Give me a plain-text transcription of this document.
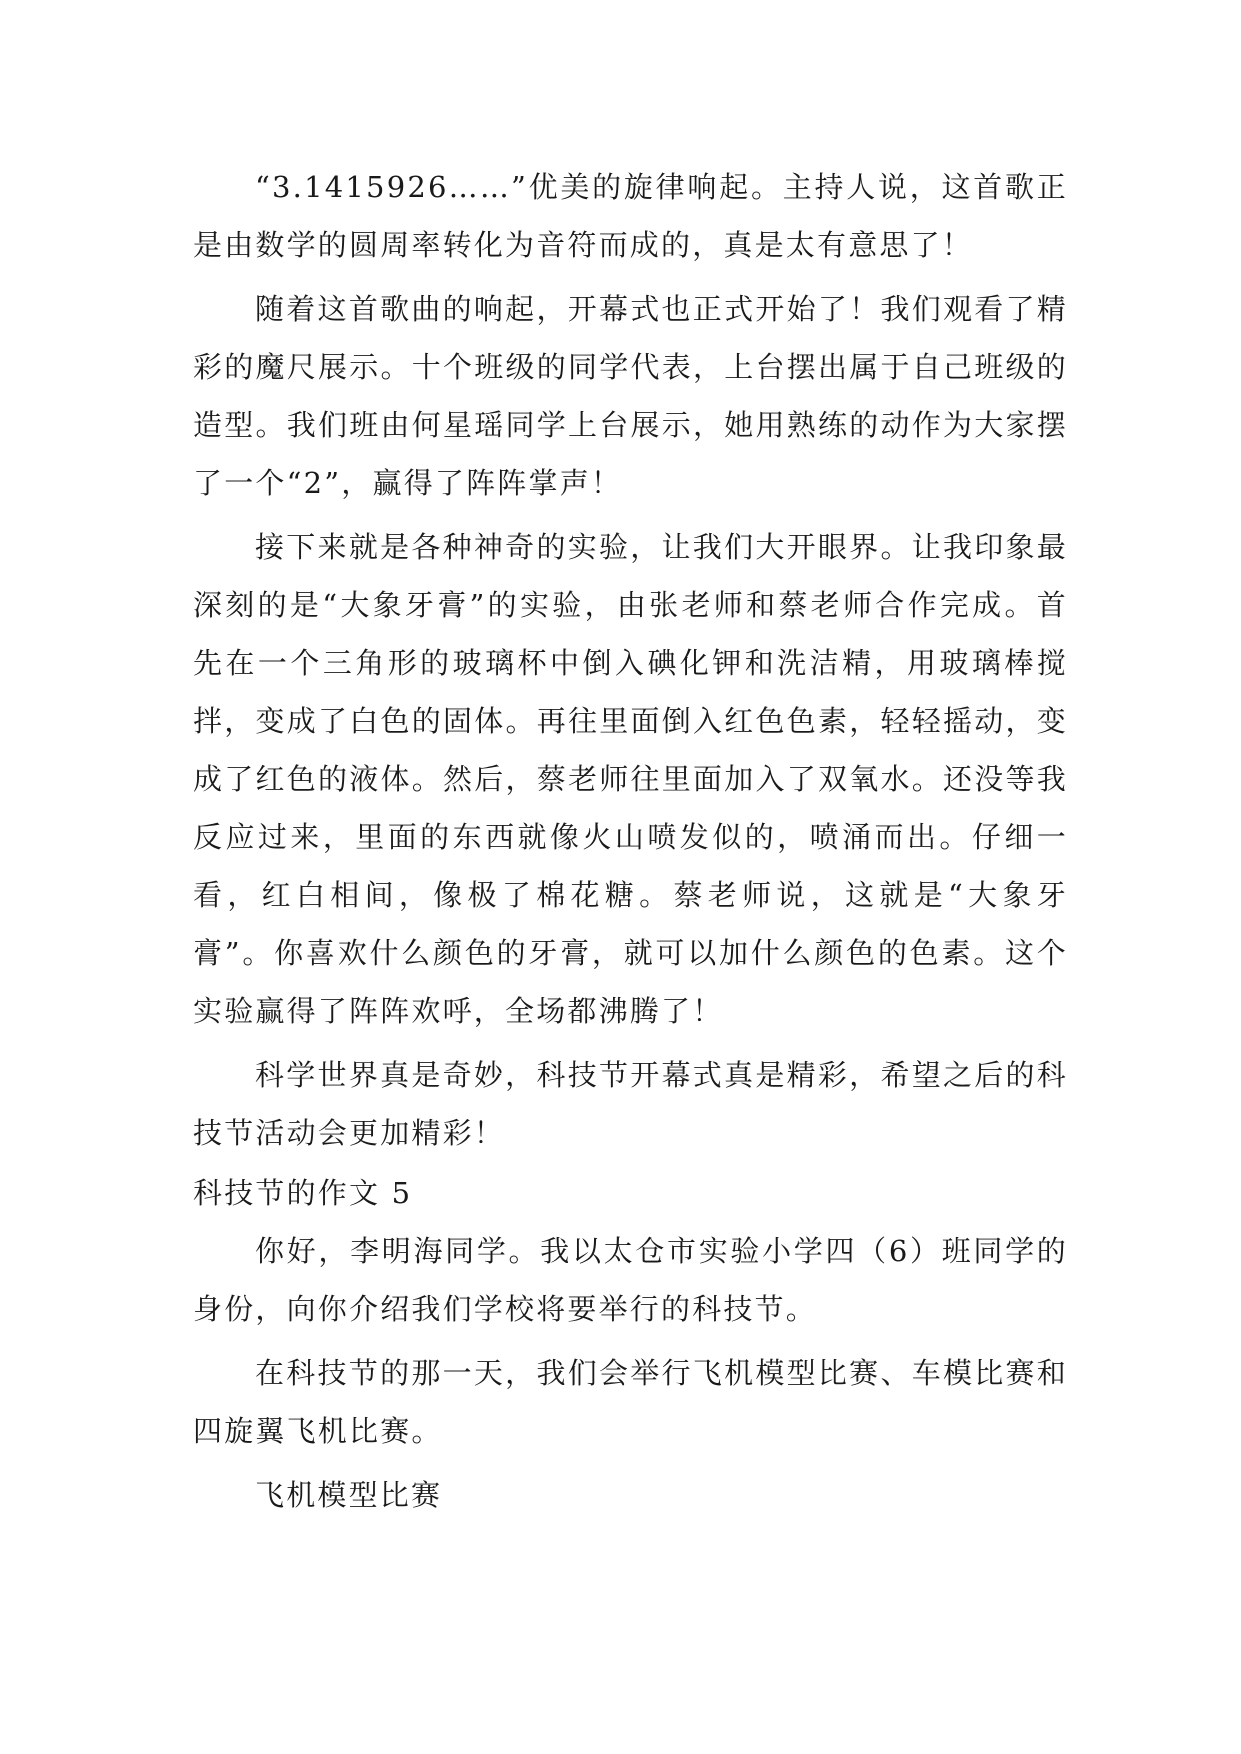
“3.1415926……”优美的旋律响起。主持人说，这首歌正是由数学的圆周率转化为音符而成的，真是太有意思了！

随着这首歌曲的响起，开幕式也正式开始了！我们观看了精彩的魔尺展示。十个班级的同学代表，上台摆出属于自己班级的造型。我们班由何星瑶同学上台展示，她用熟练的动作为大家摆了一个“2”，赢得了阵阵掌声！

接下来就是各种神奇的实验，让我们大开眼界。让我印象最深刻的是“大象牙膏”的实验，由张老师和蔡老师合作完成。首先在一个三角形的玻璃杯中倒入碘化钾和洗洁精，用玻璃棒搅拌，变成了白色的固体。再往里面倒入红色色素，轻轻摇动，变成了红色的液体。然后，蔡老师往里面加入了双氧水。还没等我反应过来，里面的东西就像火山喷发似的，喷涌而出。仔细一看，红白相间，像极了棉花糖。蔡老师说，这就是“大象牙膏”。你喜欢什么颜色的牙膏，就可以加什么颜色的色素。这个实验赢得了阵阵欢呼，全场都沸腾了！

科学世界真是奇妙，科技节开幕式真是精彩，希望之后的科技节活动会更加精彩！

科技节的作文 5

你好，李明海同学。我以太仓市实验小学四（6）班同学的身份，向你介绍我们学校将要举行的科技节。

在科技节的那一天，我们会举行飞机模型比赛、车模比赛和四旋翼飞机比赛。

飞机模型比赛
